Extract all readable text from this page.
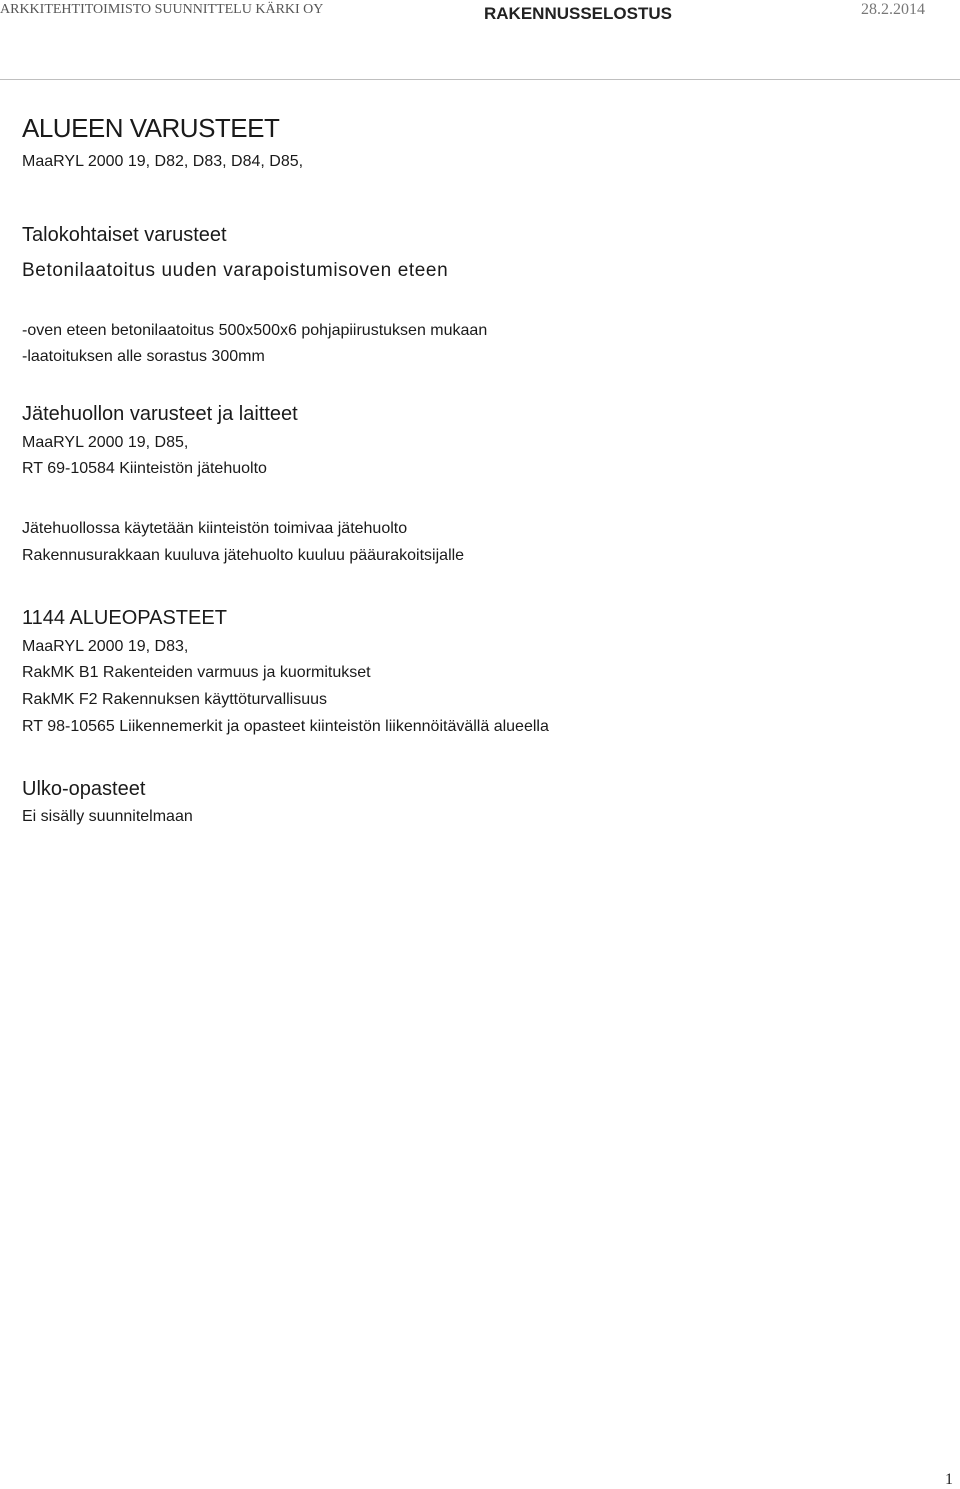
ARKKITEHTITOIMISTO SUUNNITTELU KÄRKI OY	RAKENNUSSELOSTUS	28.2.2014
ALUEEN VARUSTEET
MaaRYL 2000 19, D82, D83, D84, D85,
Talokohtaiset varusteet
Betonilaatoitus uuden varapoistumisoven eteen
-oven eteen betonilaatoitus 500x500x6 pohjapiirustuksen mukaan
-laatoituksen alle sorastus 300mm
Jätehuollon varusteet ja laitteet
MaaRYL 2000 19, D85,
RT 69-10584 Kiinteistön jätehuolto
Jätehuollossa käytetään kiinteistön toimivaa jätehuolto
Rakennusurakkaan kuuluva jätehuolto kuuluu pääurakoitsijalle
1144 ALUEOPASTEET
MaaRYL 2000 19, D83,
RakMK B1 Rakenteiden varmuus ja kuormitukset
RakMK F2 Rakennuksen käyttöturvallisuus
RT 98-10565 Liikennemerkit ja opasteet kiinteistön liikennöitävällä alueella
Ulko-opasteet
Ei sisälly suunnitelmaan
1
